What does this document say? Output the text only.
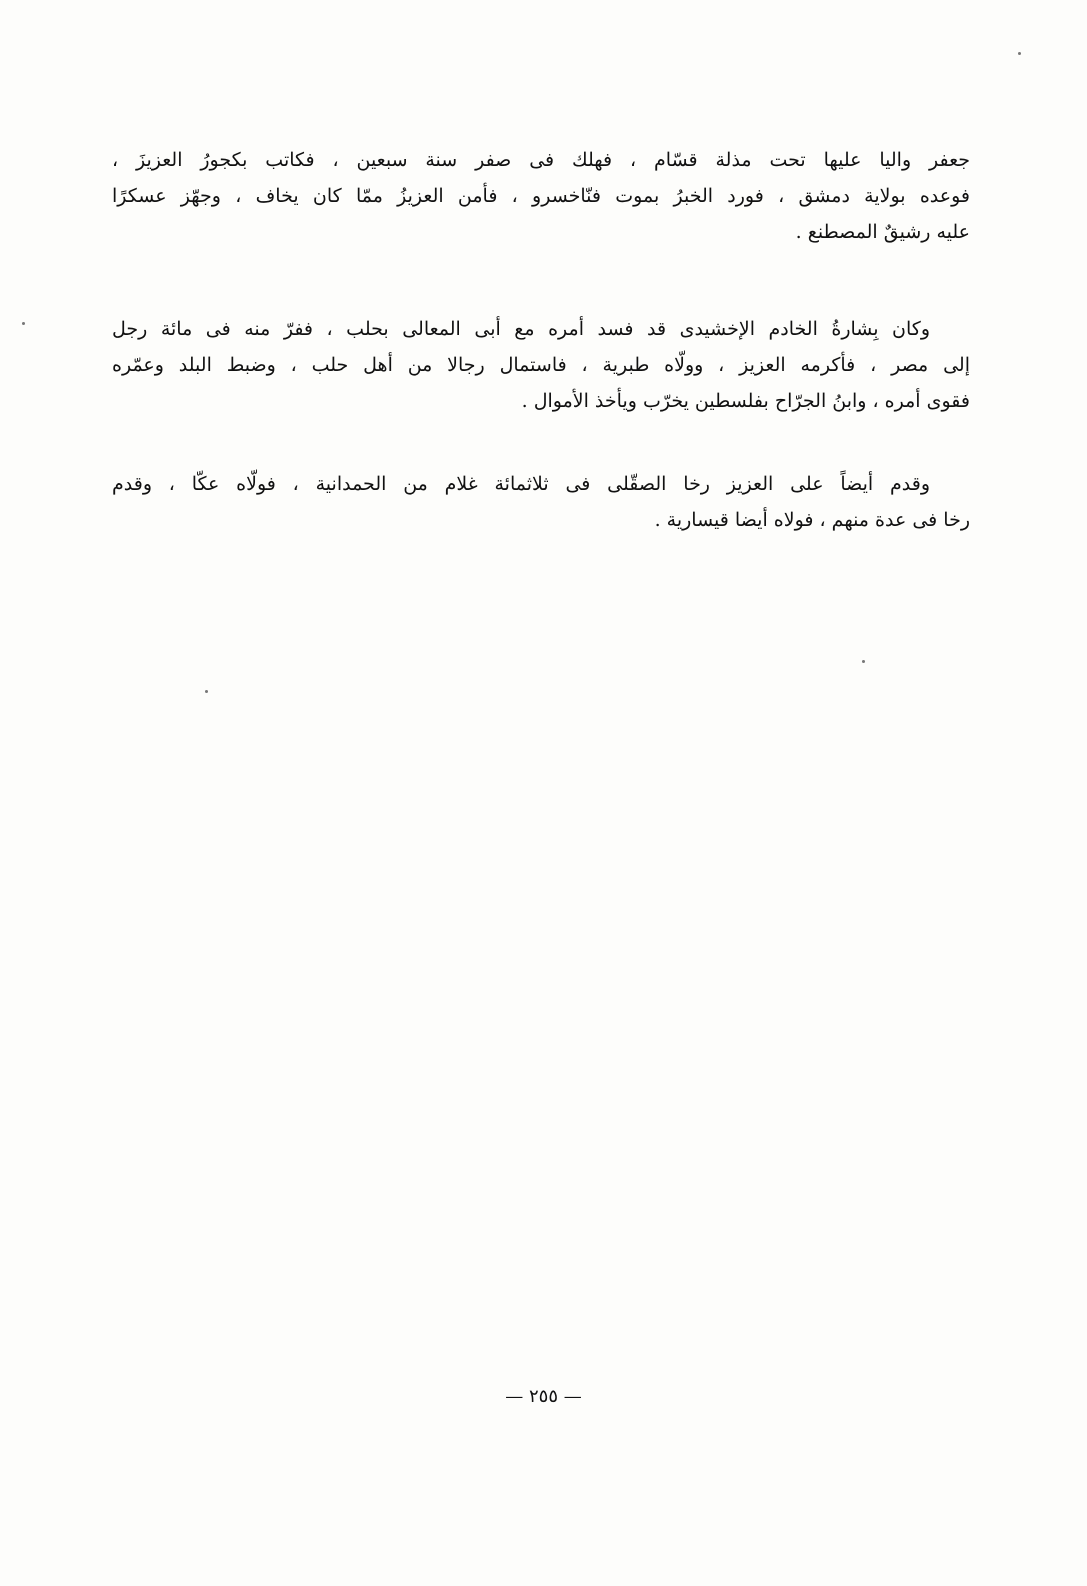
جعفر واليا عليها تحت مذلة قسّام ، فهلك فى صفر سنة سبعين ، فكاتب بكجورُ العزيزَ ،
فوعده بولاية دمشق ، فورد الخبرُ بموت فنّاخسرو ، فأمن العزيزُ ممّا كان يخاف ، وجهّز عسكرًا
عليه رشيقٌ المصطنع .
وكان بِشارةُ الخادم الإخشيدى قد فسد أمره مع أبى المعالى بحلب ، ففرّ منه فى مائة رجل
إلى مصر ، فأكرمه العزيز ، وولّاه طبرية ، فاستمال رجالا من أهل حلب ، وضبط البلد وعمّره
فقوى أمره ، وابنُ الجرّاح بفلسطين يخرّب ويأخذ الأموال .
وقدم أيضاً على العزيز رخا الصقّلى فى ثلاثمائة غلام من الحمدانية ، فولّاه عكّا ، وقدم
رخا فى عدة منهم ، فولاه أيضا قيسارية .
— ٢٥٥ —
